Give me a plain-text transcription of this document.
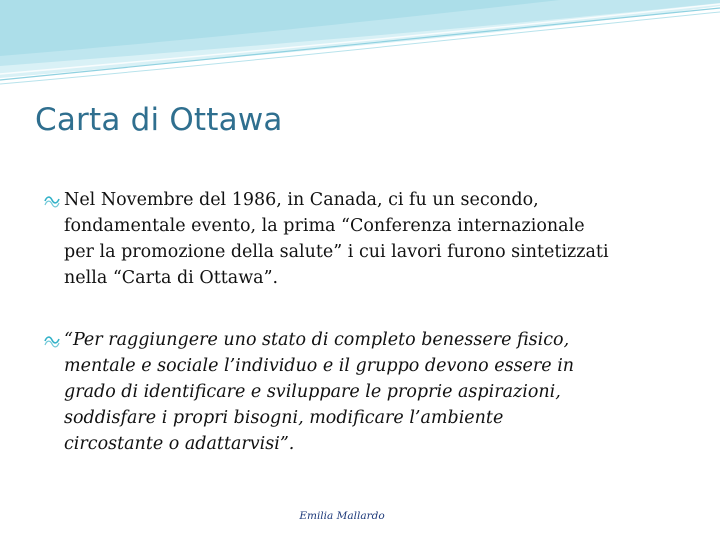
Carta di Ottawa
Nel Novembre del 1986, in Canada, ci fu un secondo,
fondamentale evento, la prima “Conferenza internazionale
per la promozione della salute” i cui lavori furono sintetizzati
nella “Carta di Ottawa”.
“Per raggiungere uno stato di completo benessere fisico,
mentale e sociale l’individuo e il gruppo devono essere in
grado di identificare e sviluppare le proprie aspirazioni,
soddisfare i propri bisogni, modificare l’ambiente
circostante o adattarvisi”.
Emilia Mallardo
